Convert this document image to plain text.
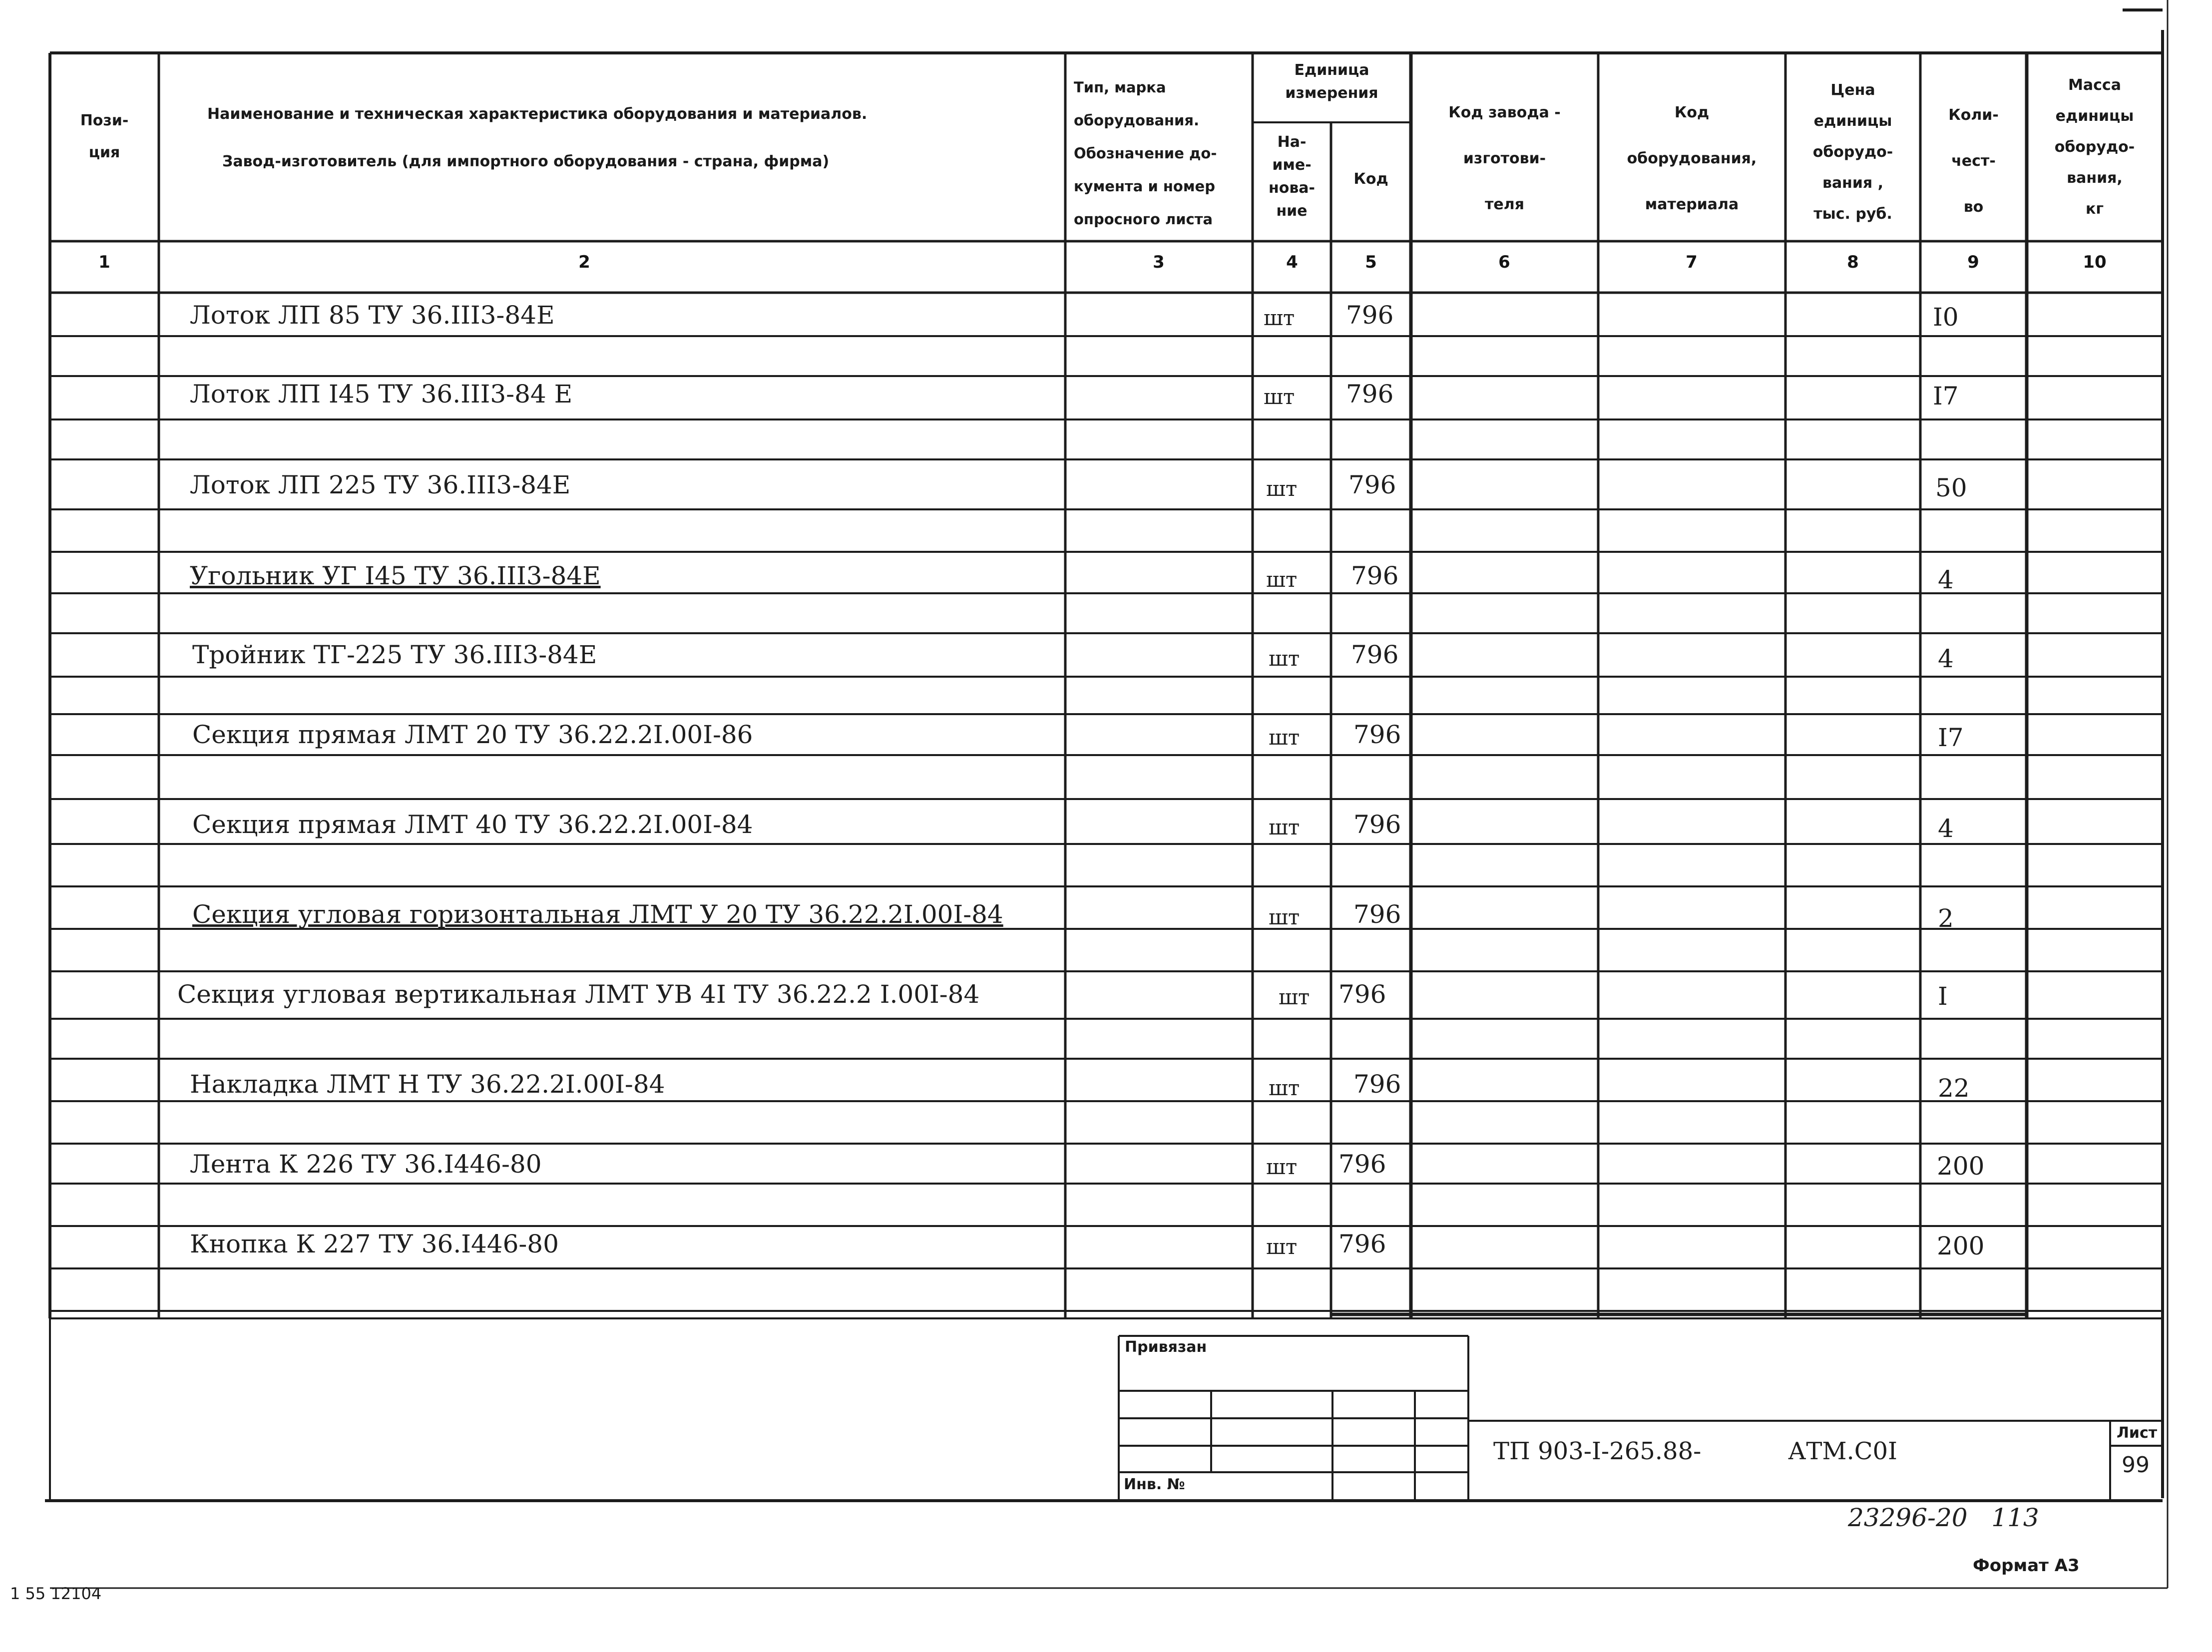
Пози-
ция
Наименование и техническая характеристика оборудования и материалов.
Завод-изготовитель (для импортного оборудования - страна, фирма)
Тип, марка
оборудования.
Обозначение до-
кумента и номер
опросного листа
Единица
измерения
На-
име-
нова-
ние
Код
Код завода -
изготови-
теля
Код
оборудования,
материала
Цена
единицы
оборудо-
вания ,
тыс. руб.
Коли-
чест-
во
Масса
единицы
оборудо-
вания,
кг
1	2	3	4	5	6	7	8	9	10
Лоток ЛП 85 ТУ 36.III3-84Е	шт 796	I0
Лоток ЛП I45 ТУ 36.III3-84 Е	шт 796	I7
Лоток ЛП 225 ТУ 36.III3-84Е	шт 796	50
Угольник УГ I45 ТУ 36.III3-84Е	шт 796	4
Тройник ТГ-225 ТУ 36.III3-84Е	шт 796	4
Секция прямая ЛМТ 20 ТУ 36.22.2I.00I-86	шт 796	I7
Секция прямая ЛМТ 40 ТУ 36.22.2I.00I-84	шт 796	4
Секция угловая горизонтальная ЛМТ У 20 ТУ 36.22.2I.00I-84	шт 796	2
Секция угловая вертикальная ЛМТ УВ 4I ТУ 36.22.2 I.00I-84	шт 796	I
Накладка ЛМТ Н ТУ 36.22.2I.00I-84	шт 796	22
Лента К 226 ТУ 36.I446-80	шт 796	200
Кнопка К 227 ТУ 36.I446-80	шт 796	200
Привязан
Инв. №
ТП 903-I-265.88-	АТМ.С0I
Лист
99
23296-20   113
Формат А3
1 55 12104
